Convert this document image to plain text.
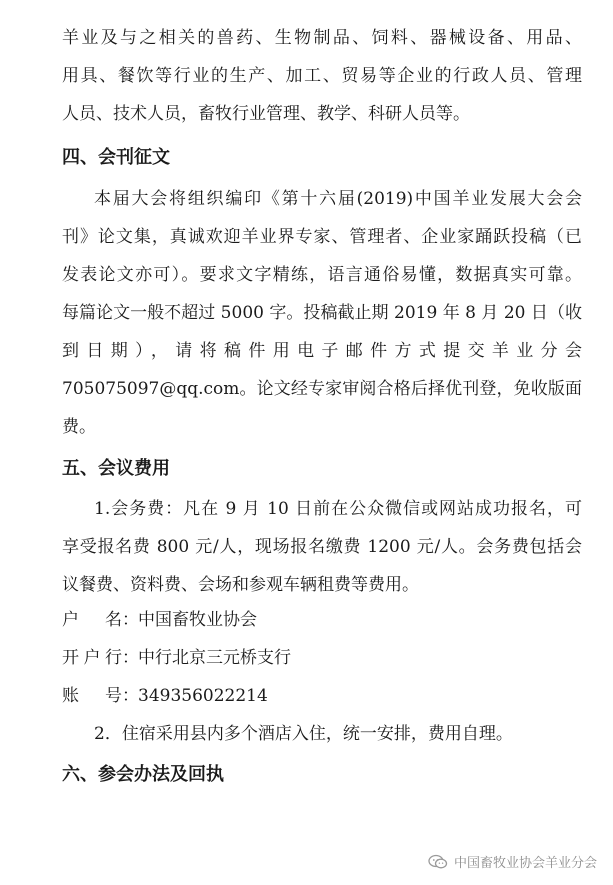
羊业及与之相关的兽药、生物制品、饲料、器械设备、用品、
用具、餐饮等行业的生产、加工、贸易等企业的行政人员、管理
人员、技术人员，畜牧行业管理、教学、科研人员等。
四、会刊征文
本届大会将组织编印《第十六届(2019)中国羊业发展大会会
刊》论文集，真诚欢迎羊业界专家、管理者、企业家踊跃投稿（已
发表论文亦可）。要求文字精练，语言通俗易懂，数据真实可靠。
每篇论文一般不超过 5000 字。投稿截止期 2019 年 8 月 20 日（收
到日期），请将稿件用电子邮件方式提交羊业分会
705075097@qq.com。论文经专家审阅合格后择优刊登，免收版面
费。
五、会议费用
1.会务费：凡在 9 月 10 日前在公众微信或网站成功报名，可
享受报名费 800 元/人，现场报名缴费 1200 元/人。会务费包括会
议餐费、资料费、会场和参观车辆租费等费用。
户 名：中国畜牧业协会
开户行：中行北京三元桥支行
账 号：349356022214
2．住宿采用县内多个酒店入住，统一安排，费用自理。
六、参会办法及回执
中国畜牧业协会羊业分会
